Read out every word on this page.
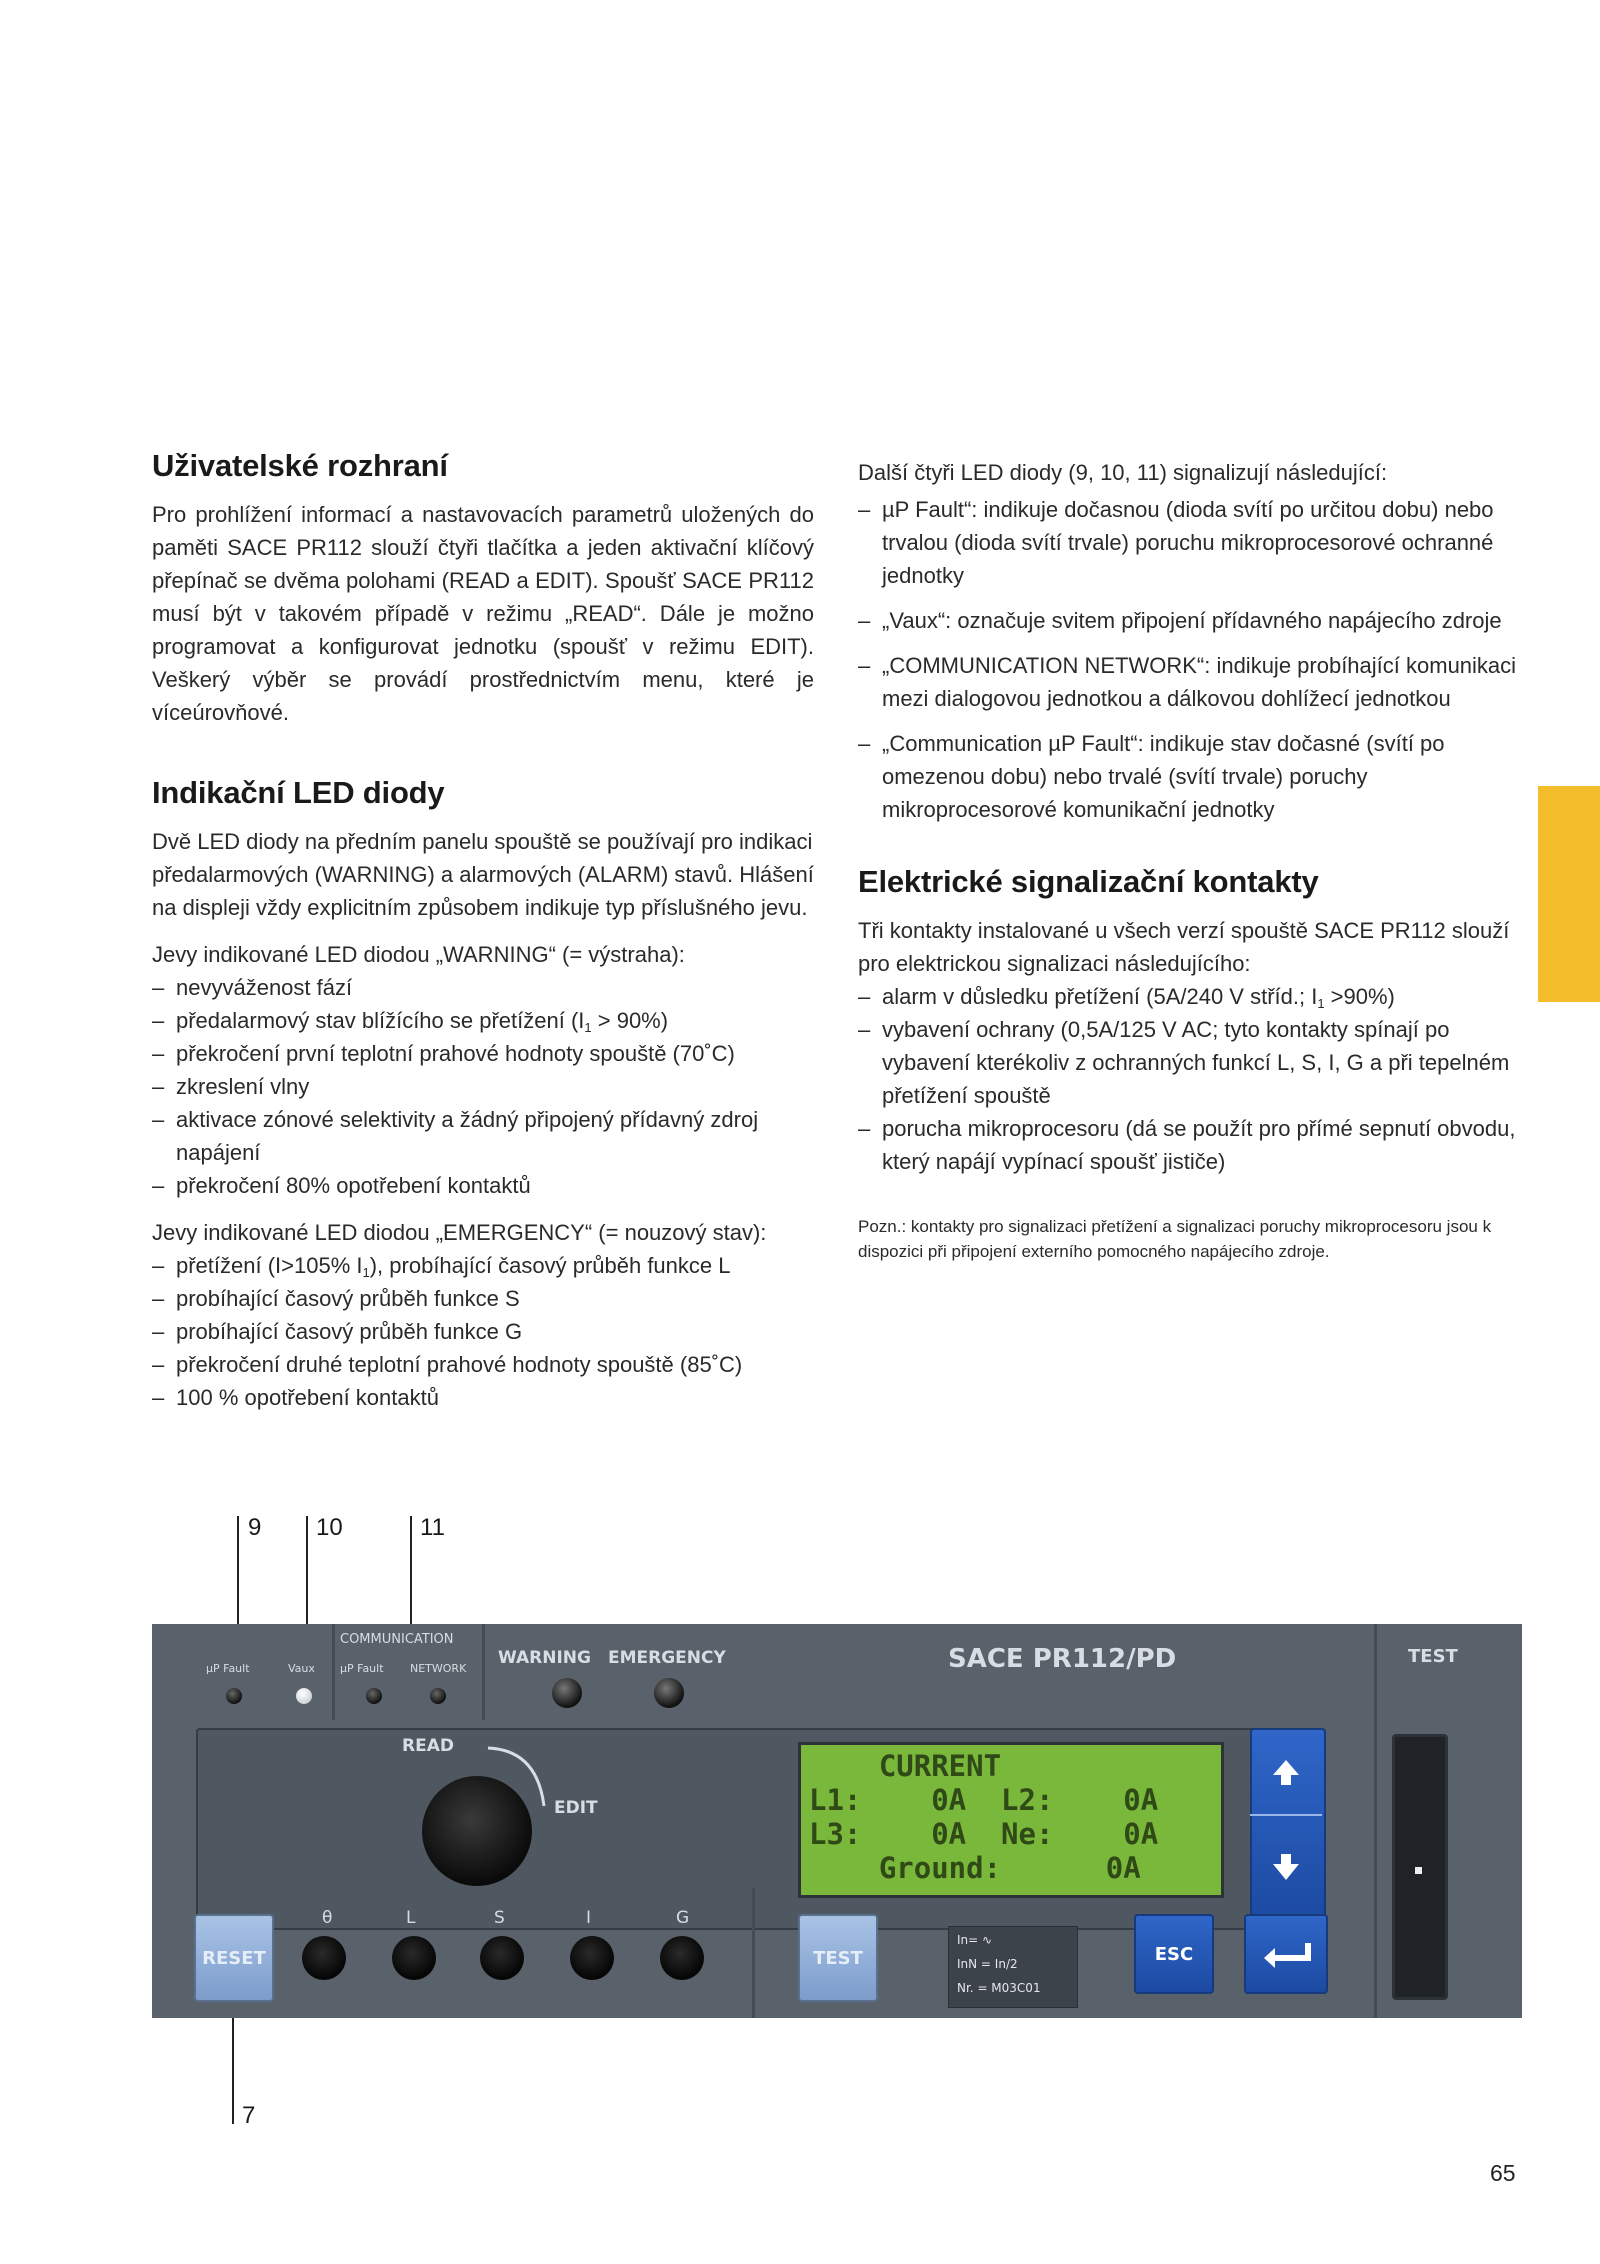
Uživatelské rozhraní

Pro prohlížení informací a nastavovacích parametrů uložených do paměti SACE PR112 slouží čtyři tlačítka a jeden aktivační klíčový přepínač se dvěma polohami (READ a EDIT). Spoušť SACE PR112 musí být v takovém případě v režimu „READ“. Dále je možno programovat a konfigurovat jednotku (spoušť v režimu EDIT). Veškerý výběr se provádí prostřednictvím menu, které je víceúrovňové.

Indikační LED diody

Dvě LED diody na předním panelu spouště se používají pro indikaci předalarmových (WARNING) a alarmových (ALARM) stavů. Hlášení na displeji vždy explicitním způsobem indikuje typ příslušného jevu.

Jevy indikované LED diodou „WARNING“ (= výstraha):

– nevyváženost fází
– předalarmový stav blížícího se přetížení $(I_1 > 90\%)$
– překročení první teplotní prahové hodnoty spouště (70˚C)
– zkreslení vlny
– aktivace zónové selektivity a žádný připojený přídavný zdroj napájení
– překročení 80% opotřebení kontaktů

Jevy indikované LED diodou „EMERGENCY“ (= nouzový stav):

– přetížení (I>105% $I_1$), probíhající časový průběh funkce L
– probíhající časový průběh funkce S
– probíhající časový průběh funkce G
– překročení druhé teplotní prahové hodnoty spouště (85˚C)
– 100 % opotřebení kontaktů

Další čtyři LED diody (9, 10, 11) signalizují následující:

– µP Fault“: indikuje dočasnou (dioda svítí po určitou dobu) nebo trvalou (dioda svítí trvale) poruchu mikroprocesorové ochranné jednotky
– „Vaux“: označuje svitem připojení přídavného napájecího zdroje
– „COMMUNICATION NETWORK“: indikuje probíhající komunikaci mezi dialogovou jednotkou a dálkovou dohlížecí jednotkou
– „Communication µP Fault“: indikuje stav dočasné (svítí po omezenou dobu) nebo trvalé (svítí trvale) poruchy mikroprocesorové komunikační jednotky
Elektrické signalizační kontakty

Tři kontakty instalované u všech verzí spouště SACE PR112 slouží pro elektrickou signalizaci následujícího:

– alarm v důsledku přetížení (5A/240 V stříd.; $I_1 >90\%$)
– vybavení ochrany (0,5A/125 V AC; tyto kontakty spínají po vybavení kterékoliv z ochranných funkcí L, S, I, G a při tepelném přetížení spouště
– porucha mikroprocesoru (dá se použít pro přímé sepnutí obvodu, který napájí vypínací spoušť jističe)

Pozn.: kontakty pro signalizaci přetížení a signalizaci poruchy mikroprocesoru jsou k dispozici při připojení externího pomocného napájecího zdroje.

9 10	11
7
µP Fault	Vaux
COMMUNICATION
µP Fault NETWORK
WARNING EMERGENCY	SACE PR112/PD	TEST
READ
EDIT
CURRENT
L1:    0A  L2:    0A
L3:    0A  Ne:    0A
Ground:      0A
RESET
θ	L	S	I	G
TEST
In= ∿
InN = In/2
Nr. = M03C01
ESC
65
